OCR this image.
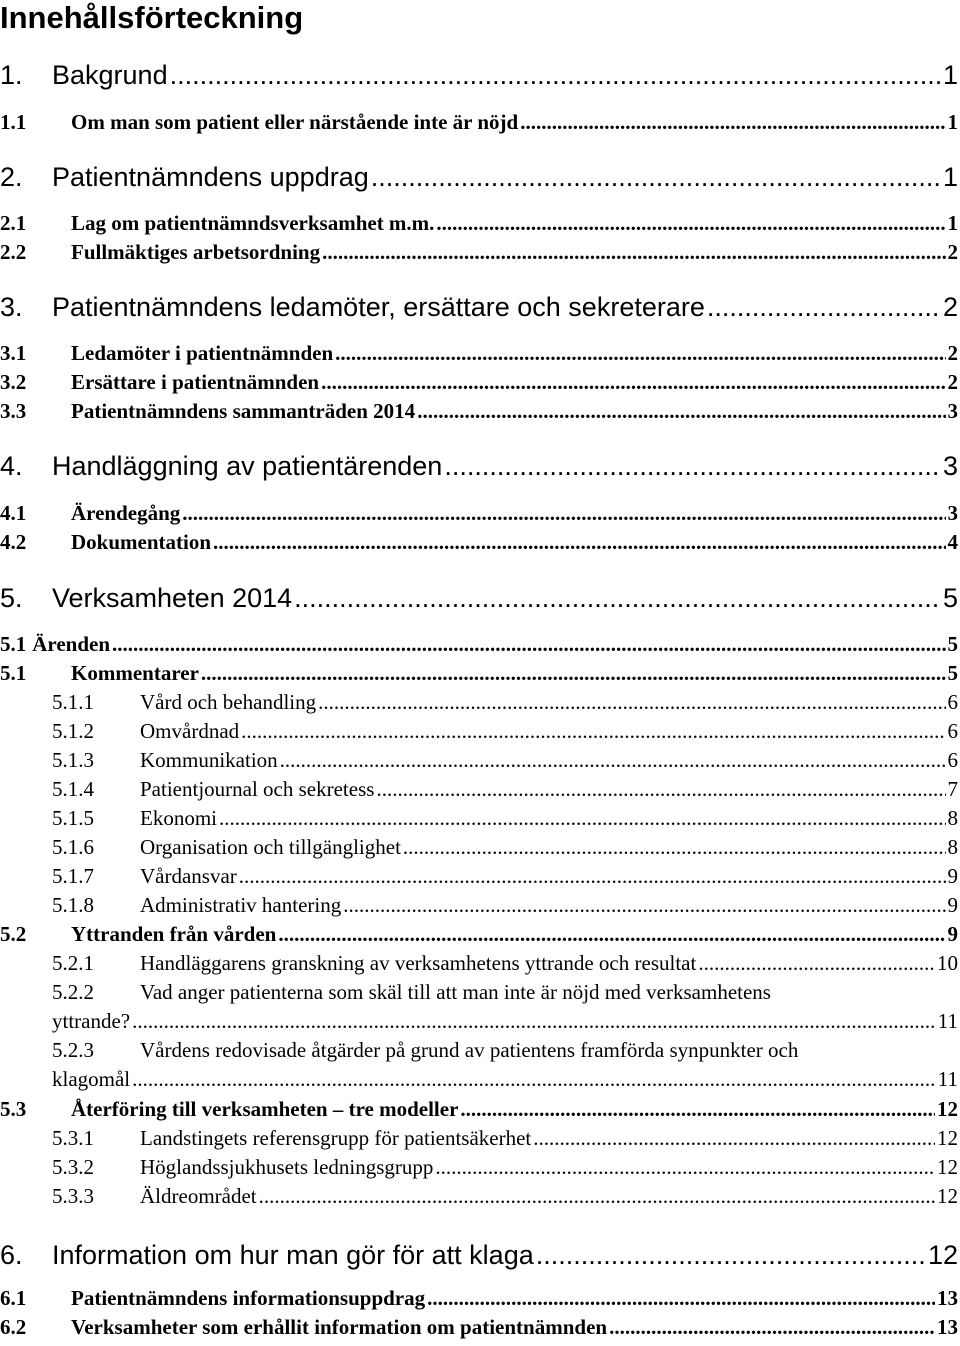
Innehållsförteckning
1.	Bakgrund .....	1
1.1	Om man som patient eller närstående inte är nöjd .....	1
2.	Patientnämndens uppdrag .....	1
2.1	Lag om patientnämndsverksamhet m.m. .....	1
2.2	Fullmäktiges arbetsordning .....	2
3.	Patientnämndens ledamöter, ersättare och sekreterare .....	2
3.1	Ledamöter i patientnämnden .....	2
3.2	Ersättare i patientnämnden .....	2
3.3	Patientnämndens sammanträden 2014 .....	3
4.	Handläggning av patientärenden .....	3
4.1	Ärendegång .....	3
4.2	Dokumentation .....	4
5.	Verksamheten 2014 .....	5
5.1 Ärenden .....	5
5.1	Kommentarer .....	5
5.1.1	Vård och behandling .....	6
5.1.2	Omvårdnad .....	6
5.1.3	Kommunikation .....	6
5.1.4	Patientjournal och sekretess .....	7
5.1.5	Ekonomi .....	8
5.1.6	Organisation och tillgänglighet .....	8
5.1.7	Vårdansvar .....	9
5.1.8	Administrativ hantering .....	9
5.2	Yttranden från vården .....	9
5.2.1	Handläggarens granskning av verksamhetens yttrande och resultat .....	10
5.2.2	Vad anger patienterna som skäl till att man inte är nöjd med verksamhetens
yttrande? .....	11
5.2.3	Vårdens redovisade åtgärder på grund av patientens framförda synpunkter och
klagomål .....	11
5.3	Återföring till verksamheten – tre modeller .....	12
5.3.1	Landstingets referensgrupp för patientsäkerhet .....	12
5.3.2	Höglandssjukhusets ledningsgrupp .....	12
5.3.3	Äldreområdet .....	12
6.	Information om hur man gör för att klaga .....	12
6.1	Patientnämndens informationsuppdrag .....	13
6.2	Verksamheter som erhållit information om patientnämnden .....	13
